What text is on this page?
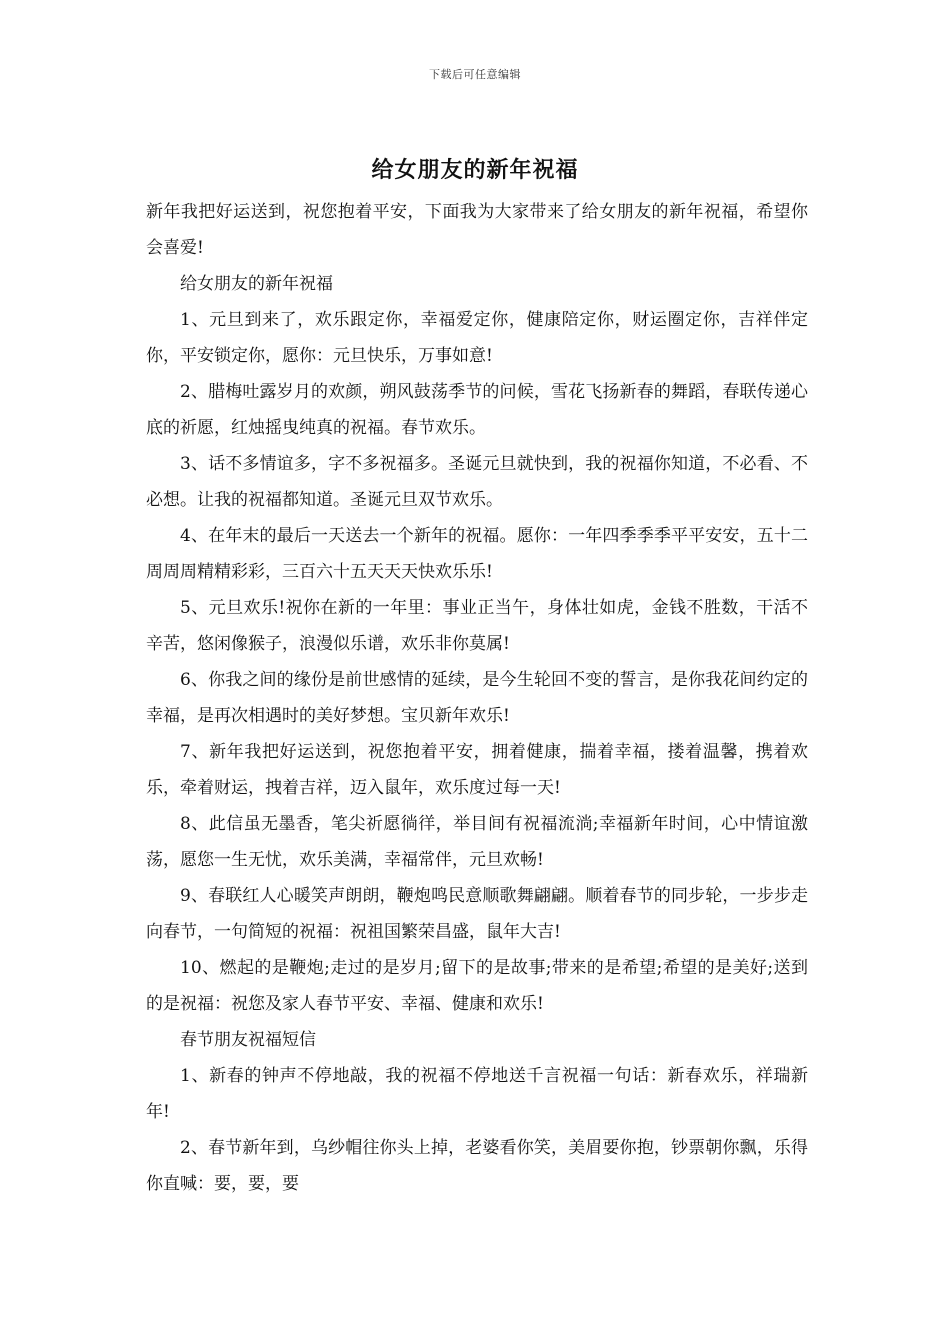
下载后可任意编辑
给女朋友的新年祝福

新年我把好运送到，祝您抱着平安，下面我为大家带来了给女朋友的新年祝福，希望你会喜爱!

给女朋友的新年祝福

1、元旦到来了，欢乐跟定你，幸福爱定你，健康陪定你，财运圈定你，吉祥伴定你，平安锁定你，愿你：元旦快乐，万事如意!

2、腊梅吐露岁月的欢颜，朔风鼓荡季节的问候，雪花飞扬新春的舞蹈，春联传递心底的祈愿，红烛摇曳纯真的祝福。春节欢乐。

3、话不多情谊多，字不多祝福多。圣诞元旦就快到，我的祝福你知道，不必看、不必想。让我的祝福都知道。圣诞元旦双节欢乐。

4、在年末的最后一天送去一个新年的祝福。愿你：一年四季季季平平安安，五十二周周周精精彩彩，三百六十五天天天快欢乐乐!

5、元旦欢乐!祝你在新的一年里：事业正当午，身体壮如虎，金钱不胜数，干活不辛苦，悠闲像猴子，浪漫似乐谱，欢乐非你莫属!

6、你我之间的缘份是前世感情的延续，是今生轮回不变的誓言，是你我花间约定的幸福，是再次相遇时的美好梦想。宝贝新年欢乐!

7、新年我把好运送到，祝您抱着平安，拥着健康，揣着幸福，搂着温馨，携着欢乐，牵着财运，拽着吉祥，迈入鼠年，欢乐度过每一天!

8、此信虽无墨香，笔尖祈愿徜徉，举目间有祝福流淌;幸福新年时间，心中情谊激荡，愿您一生无忧，欢乐美满，幸福常伴，元旦欢畅!

9、春联红人心暖笑声朗朗，鞭炮鸣民意顺歌舞翩翩。顺着春节的同步轮，一步步走向春节，一句简短的祝福：祝祖国繁荣昌盛，鼠年大吉!

10、燃起的是鞭炮;走过的是岁月;留下的是故事;带来的是希望;希望的是美好;送到的是祝福：祝您及家人春节平安、幸福、健康和欢乐!

春节朋友祝福短信

1、新春的钟声不停地敲，我的祝福不停地送千言祝福一句话：新春欢乐，祥瑞新年!

2、春节新年到，乌纱帽往你头上掉，老婆看你笑，美眉要你抱，钞票朝你飘，乐得你直喊：要，要，要
